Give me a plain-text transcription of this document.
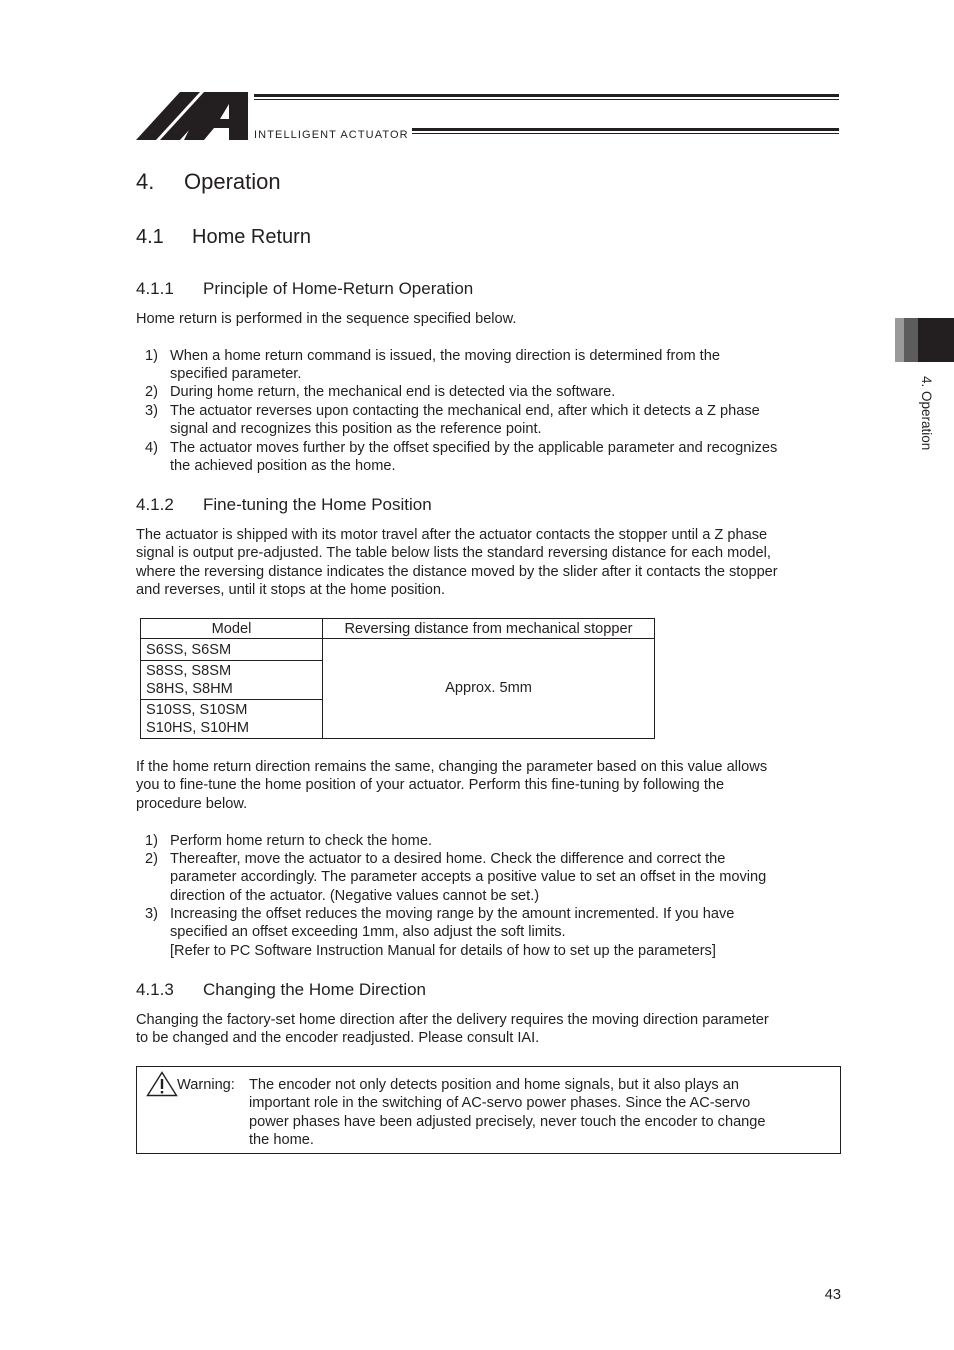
INTELLIGENT ACTUATOR
4. Operation
4. Operation
4.1 Home Return
4.1.1 Principle of Home-Return Operation
Home return is performed in the sequence specified below.
1) When a home return command is issued, the moving direction is determined from the
specified parameter.
2) During home return, the mechanical end is detected via the software.
3) The actuator reverses upon contacting the mechanical end, after which it detects a Z phase
signal and recognizes this position as the reference point.
4) The actuator moves further by the offset specified by the applicable parameter and recognizes
the achieved position as the home.
4.1.2 Fine-tuning the Home Position
The actuator is shipped with its motor travel after the actuator contacts the stopper until a Z phase
signal is output pre-adjusted. The table below lists the standard reversing distance for each model,
where the reversing distance indicates the distance moved by the slider after it contacts the stopper
and reverses, until it stops at the home position.
Model	Reversing distance from mechanical stopper
S6SS, S6SM
S8SS, S8SM
S8HS, S8HM
S10SS, S10SM
S10HS, S10HM
Approx. 5mm
If the home return direction remains the same, changing the parameter based on this value allows
you to fine-tune the home position of your actuator. Perform this fine-tuning by following the
procedure below.
1) Perform home return to check the home.
2) Thereafter, move the actuator to a desired home. Check the difference and correct the
parameter accordingly. The parameter accepts a positive value to set an offset in the moving
direction of the actuator. (Negative values cannot be set.)
3) Increasing the offset reduces the moving range by the amount incremented. If you have
specified an offset exceeding 1mm, also adjust the soft limits.
[Refer to PC Software Instruction Manual for details of how to set up the parameters]
4.1.3 Changing the Home Direction
Changing the factory-set home direction after the delivery requires the moving direction parameter
to be changed and the encoder readjusted. Please consult IAI.
Warning: The encoder not only detects position and home signals, but it also plays an
important role in the switching of AC-servo power phases. Since the AC-servo
power phases have been adjusted precisely, never touch the encoder to change
the home.
43
